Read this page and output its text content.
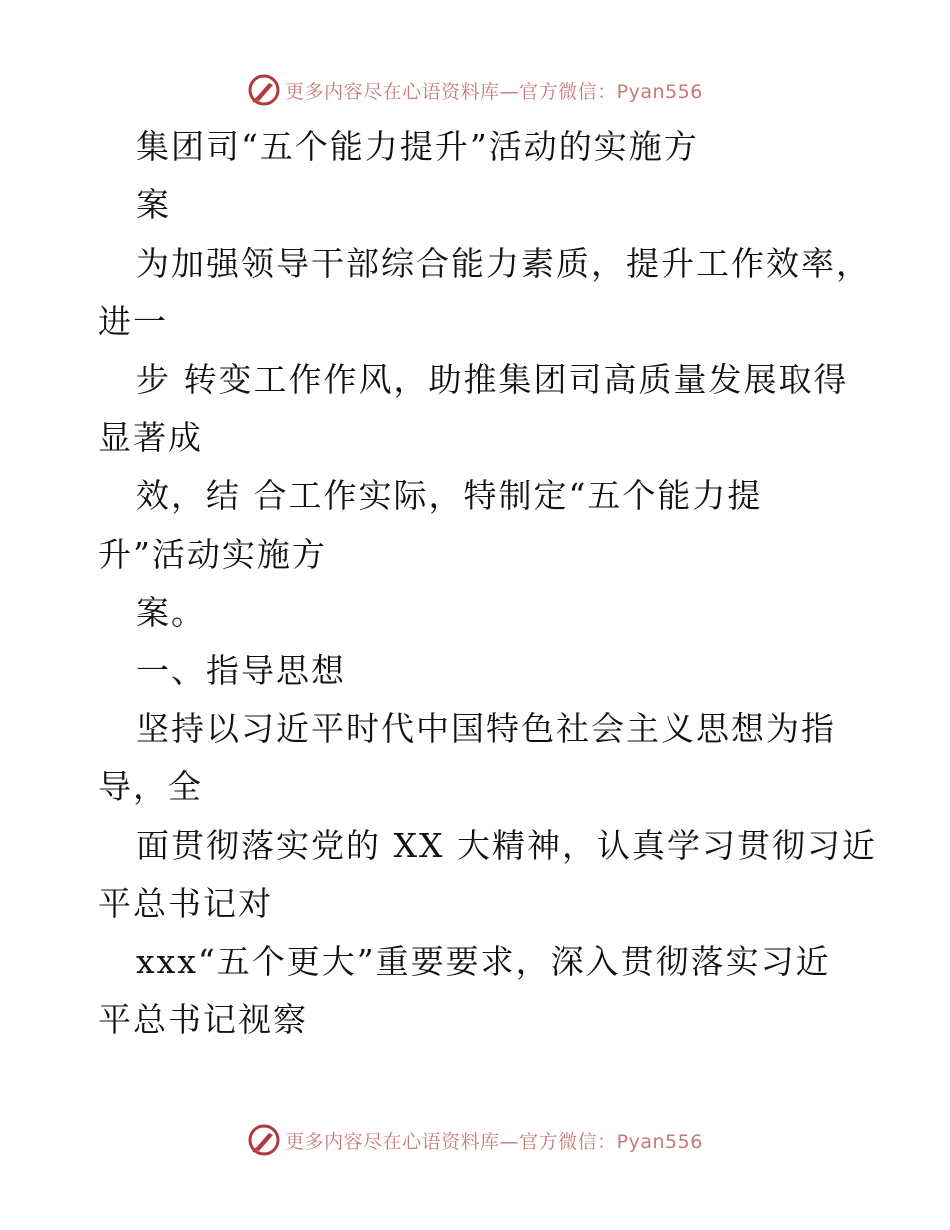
更多内容尽在心语资料库—官方微信：Pyan556
集团司“五个能力提升”活动的实施方
案
为加强领导干部综合能力素质，提升工作效率，
进一
步 转变工作作风，助推集团司高质量发展取得
显著成
效，结 合工作实际，特制定“五个能力提
升”活动实施方
案。
一、指导思想
坚持以习近平时代中国特色社会主义思想为指
导，全
面贯彻落实党的 XX 大精神，认真学习贯彻习近
平总书记对
xxx“五个更大”重要要求，深入贯彻落实习近
平总书记视察
更多内容尽在心语资料库—官方微信：Pyan556
